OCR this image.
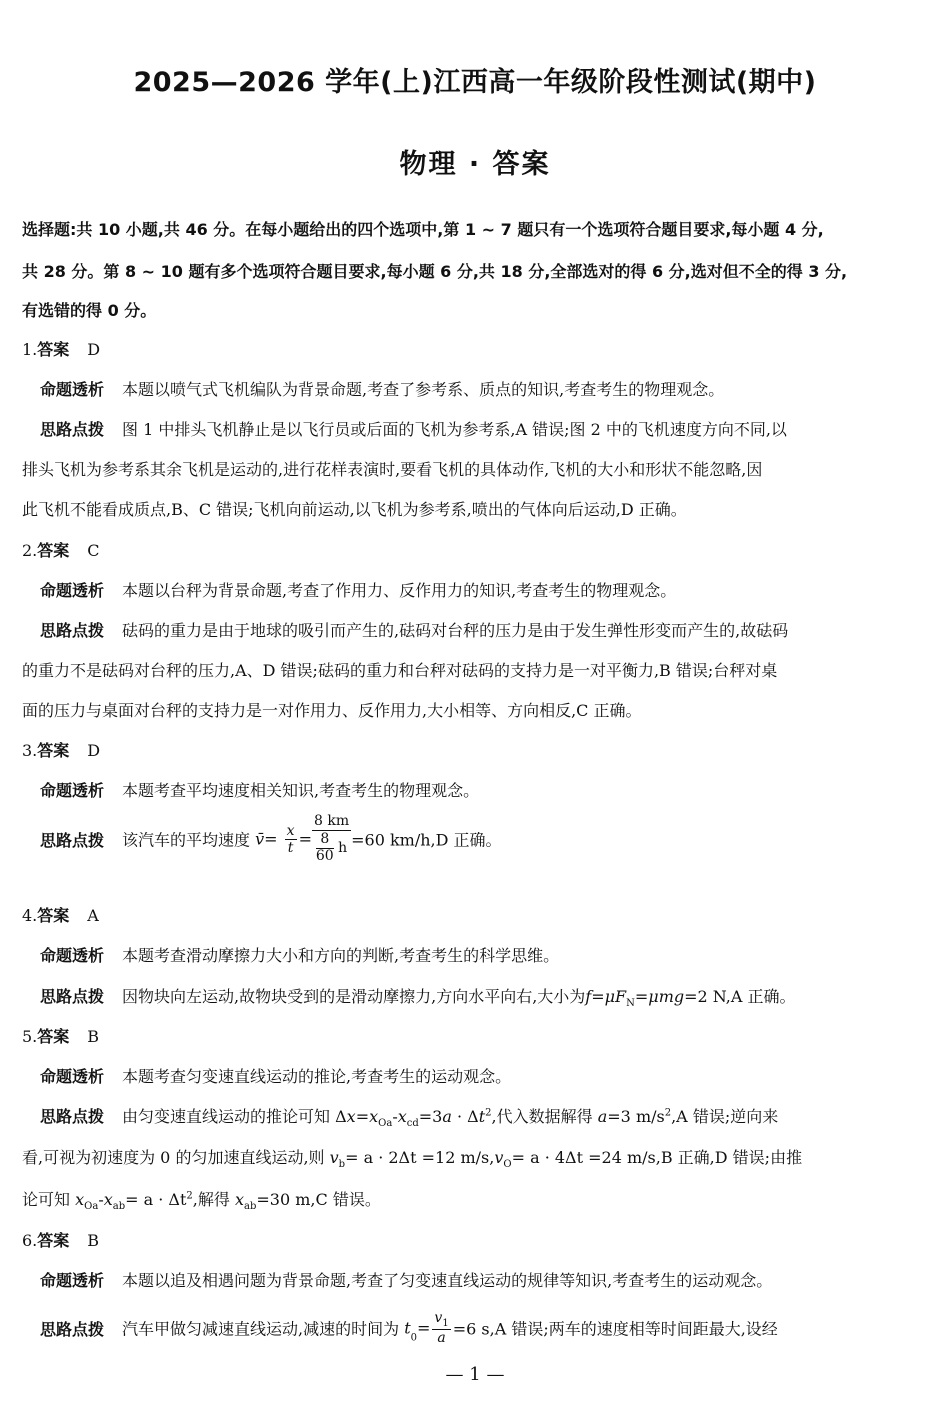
2025—2026 学年(上)江西高一年级阶段性测试(期中)
物理 · 答案
选择题:共 10 小题,共 46 分。在每小题给出的四个选项中,第 1 ~ 7 题只有一个选项符合题目要求,每小题 4 分,
共 28 分。第 8 ~ 10 题有多个选项符合题目要求,每小题 6 分,共 18 分,全部选对的得 6 分,选对但不全的得 3 分,
有选错的得 0 分。
1.答案 D
命题透析 本题以喷气式飞机编队为背景命题,考查了参考系、质点的知识,考查考生的物理观念。
思路点拨 图 1 中排头飞机静止是以飞行员或后面的飞机为参考系,A 错误;图 2 中的飞机速度方向不同,以
排头飞机为参考系其余飞机是运动的,进行花样表演时,要看飞机的具体动作,飞机的大小和形状不能忽略,因
此飞机不能看成质点,B、C 错误;飞机向前运动,以飞机为参考系,喷出的气体向后运动,D 正确。
2.答案 C
命题透析 本题以台秤为背景命题,考查了作用力、反作用力的知识,考查考生的物理观念。
思路点拨 砝码的重力是由于地球的吸引而产生的,砝码对台秤的压力是由于发生弹性形变而产生的,故砝码
的重力不是砝码对台秤的压力,A、D 错误;砝码的重力和台秤对砝码的支持力是一对平衡力,B 错误;台秤对桌
面的压力与桌面对台秤的支持力是一对作用力、反作用力,大小相等、方向相反,C 正确。
3.答案 D
命题透析 本题考查平均速度相关知识,考查考生的物理观念。
思路点拨 该汽车的平均速度 v̄= $\frac{x}{t} = \frac{8 km}{\frac{8}{60} h} =60$ km/h,D 正确。
4.答案 A
命题透析 本题考查滑动摩擦力大小和方向的判断,考查考生的科学思维。
思路点拨 因物块向左运动,故物块受到的是滑动摩擦力,方向水平向右,大小为$f=\mu F_N=\mu mg=2$ N,A 正确。
5.答案 B
命题透析 本题考查匀变速直线运动的推论,考查考生的运动观念。
思路点拨 由匀变速直线运动的推论可知 $\Delta x=x_{Oa}-x_{cd}=3a \cdot \Delta t^2$,代入数据解得 a=3 $m/s^2,A$ 错误;逆向来
看,可视为初速度为 0 的匀加速直线运动,则 $v_b= a \cdot 2\Delta t =12$ $m/s,v_O= a \cdot 4\Delta t =24$ m/s,B 正确,D 错误;由推
论可知 $x_{Oa}-x_{ab}= a \cdot \Delta t^2$,解得 $x_{ab}=30$ m,C 错误。
6.答案 B
命题透析 本题以追及相遇问题为背景命题,考查了匀变速直线运动的规律等知识,考查考生的运动观念。
思路点拨 汽车甲做匀减速直线运动,减速的时间为 $t_0= \frac{v_1}{a} =6$ s,A 错误;两车的速度相等时间距最大,设经
— 1 —
